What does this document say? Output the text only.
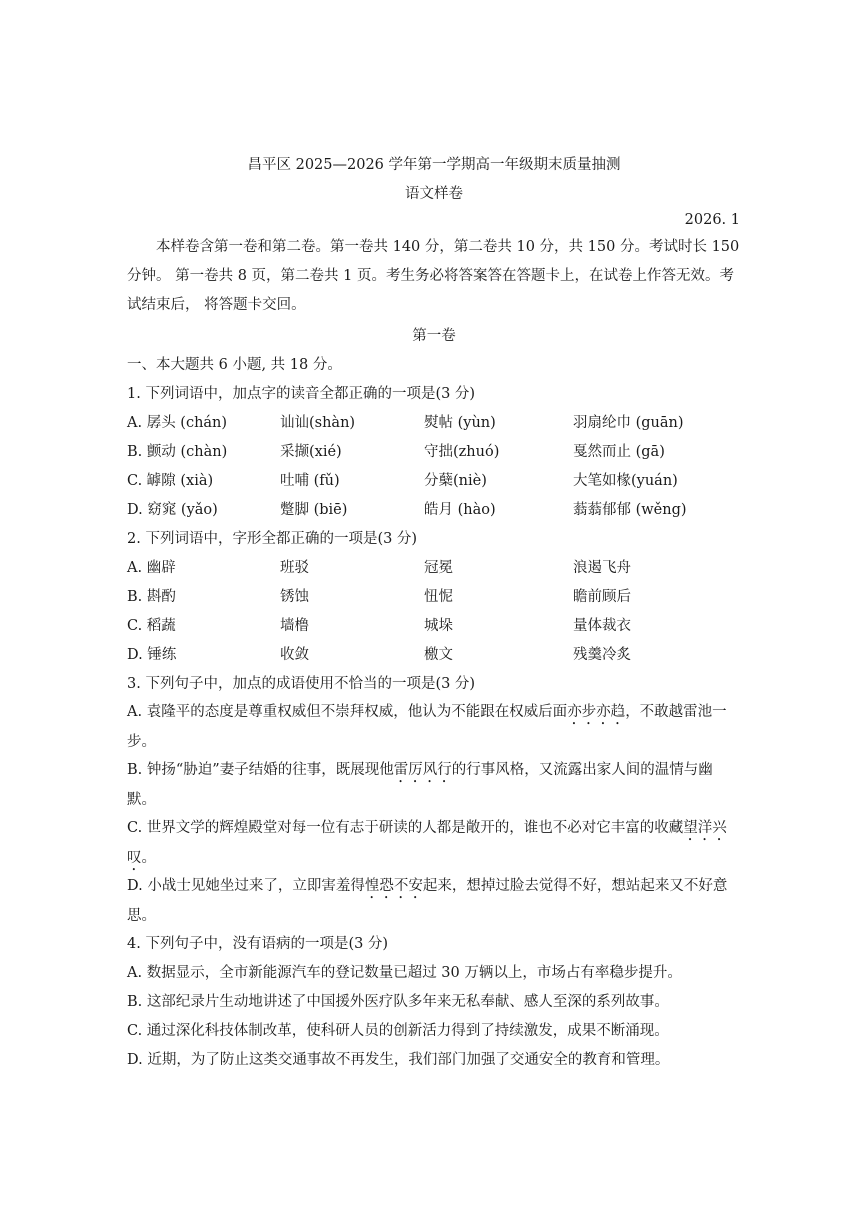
昌平区 2025—2026 学年第一学期高一年级期末质量抽测
语文样卷
2026. 1
本样卷含第一卷和第二卷。第一卷共 140 分，第二卷共 10 分，共 150 分。考试时长 150 分钟。 第一卷共 8 页，第二卷共 1 页。考生务必将答案答在答题卡上，在试卷上作答无效。考试结束后， 将答题卡交回。
第一卷
一、本大题共 6 小题, 共 18 分。
1. 下列词语中，加点字的读音全都正确的一项是(3 分)
A. 孱头 (chán)	讪讪(shàn)	熨帖 (yùn)	羽扇纶巾 (guān)
B. 颤动 (chàn)	采撷(xié)	守拙(zhuó)	戛然而止 (gā)
C. 罅隙 (xià)	吐哺 (fǔ)	分蘖(niè)	大笔如椽(yuán)
D. 窈窕 (yǎo)	蹩脚 (biē)	皓月 (hào)	蓊蓊郁郁 (wěng)
2. 下列词语中，字形全都正确的一项是(3 分)
A. 幽辟	班驳	冠冕	浪遏飞舟
B. 斟酌	锈蚀	忸怩	瞻前顾后
C. 稻蔬	墙橹	城垛	量体裁衣
D. 锤练	收敛	檄文	残羹冷炙
3. 下列句子中，加点的成语使用不恰当的一项是(3 分)
A. 袁隆平的态度是尊重权威但不崇拜权威，他认为不能跟在权威后面亦步亦趋，不敢越雷池一步。
B. 钟扬“胁迫”妻子结婚的往事，既展现他雷厉风行的行事风格，又流露出家人间的温情与幽默。
C. 世界文学的辉煌殿堂对每一位有志于研读的人都是敞开的，谁也不必对它丰富的收藏望洋兴叹。
D. 小战士见她坐过来了，立即害羞得惶恐不安起来，想掉过脸去觉得不好，想站起来又不好意思。
4. 下列句子中，没有语病的一项是(3 分)
A. 数据显示，全市新能源汽车的登记数量已超过 30 万辆以上，市场占有率稳步提升。
B. 这部纪录片生动地讲述了中国援外医疗队多年来无私奉献、感人至深的系列故事。
C. 通过深化科技体制改革，使科研人员的创新活力得到了持续激发，成果不断涌现。
D. 近期，为了防止这类交通事故不再发生，我们部门加强了交通安全的教育和管理。
